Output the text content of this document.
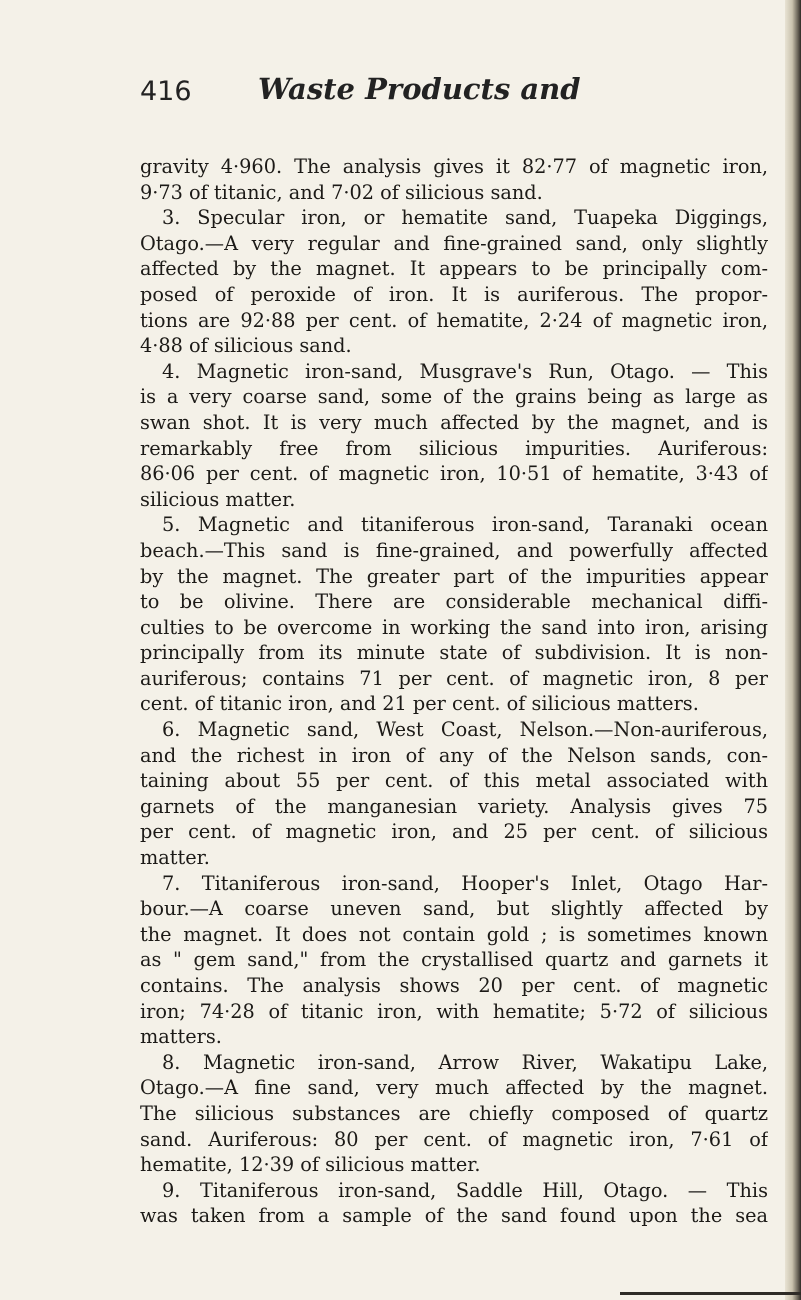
416 Waste Products and
gravity 4·960. The analysis gives it 82·77 of magnetic iron,
9·73 of titanic, and 7·02 of silicious sand.
3. Specular iron, or hematite sand, Tuapeka Diggings,
Otago.—A very regular and fine-grained sand, only slightly
affected by the magnet. It appears to be principally com-
posed of peroxide of iron. It is auriferous. The propor-
tions are 92·88 per cent. of hematite, 2·24 of magnetic iron,
4·88 of silicious sand.
4. Magnetic iron-sand, Musgrave's Run, Otago. — This
is a very coarse sand, some of the grains being as large as
swan shot. It is very much affected by the magnet, and is
remarkably free from silicious impurities. Auriferous:
86·06 per cent. of magnetic iron, 10·51 of hematite, 3·43 of
silicious matter.
5. Magnetic and titaniferous iron-sand, Taranaki ocean
beach.—This sand is fine-grained, and powerfully affected
by the magnet. The greater part of the impurities appear
to be olivine. There are considerable mechanical diffi-
culties to be overcome in working the sand into iron, arising
principally from its minute state of subdivision. It is non-
auriferous; contains 71 per cent. of magnetic iron, 8 per
cent. of titanic iron, and 21 per cent. of silicious matters.
6. Magnetic sand, West Coast, Nelson.—Non-auriferous,
and the richest in iron of any of the Nelson sands, con-
taining about 55 per cent. of this metal associated with
garnets of the manganesian variety. Analysis gives 75
per cent. of magnetic iron, and 25 per cent. of silicious
matter.
7. Titaniferous iron-sand, Hooper's Inlet, Otago Har-
bour.—A coarse uneven sand, but slightly affected by
the magnet. It does not contain gold ; is sometimes known
as " gem sand," from the crystallised quartz and garnets it
contains. The analysis shows 20 per cent. of magnetic
iron; 74·28 of titanic iron, with hematite; 5·72 of silicious
matters.
8. Magnetic iron-sand, Arrow River, Wakatipu Lake,
Otago.—A fine sand, very much affected by the magnet.
The silicious substances are chiefly composed of quartz
sand. Auriferous: 80 per cent. of magnetic iron, 7·61 of
hematite, 12·39 of silicious matter.
9. Titaniferous iron-sand, Saddle Hill, Otago. — This
was taken from a sample of the sand found upon the sea
